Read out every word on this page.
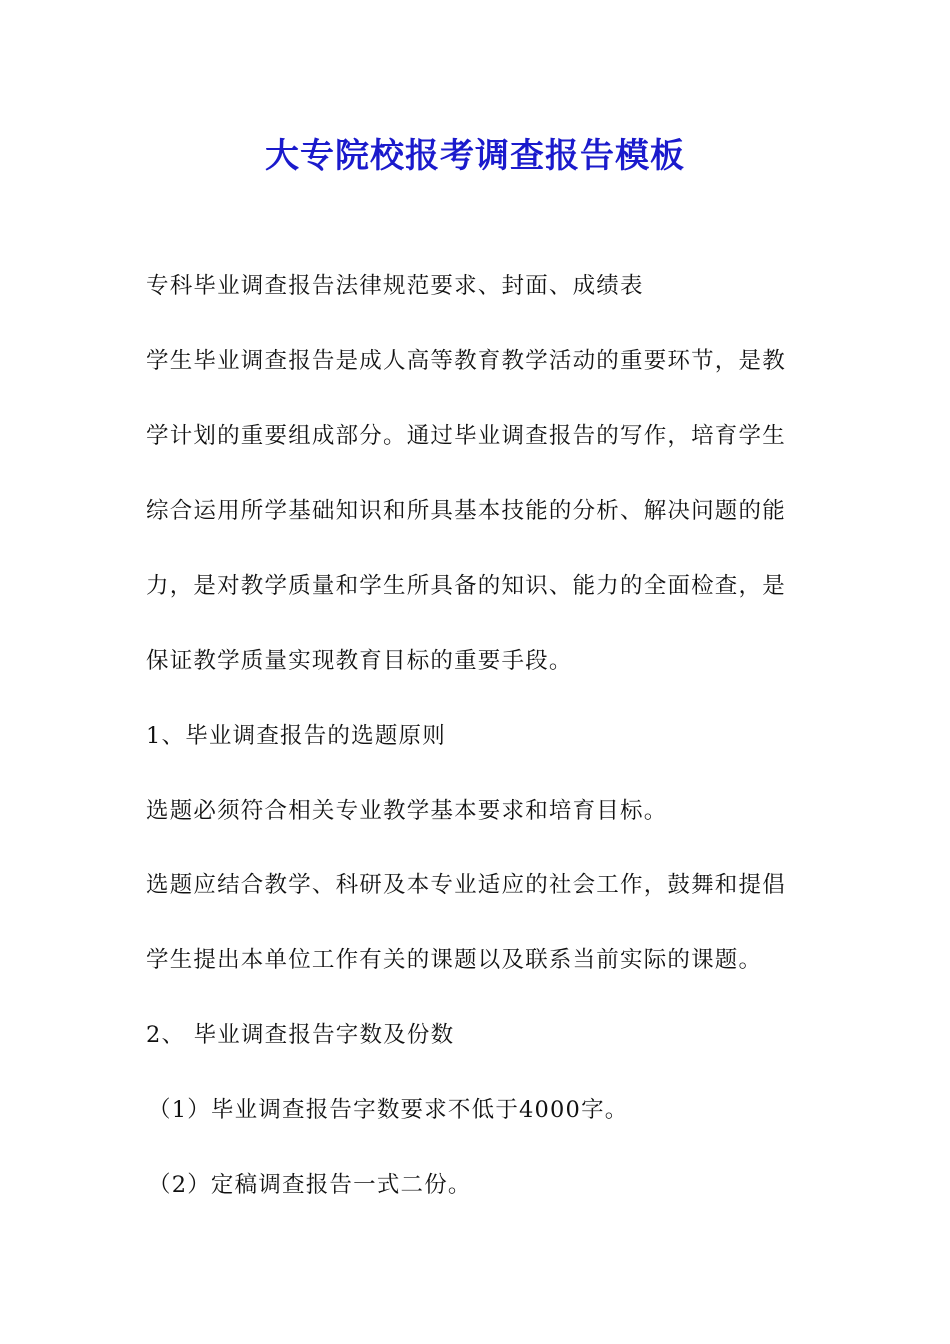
大专院校报考调查报告模板

专科毕业调查报告法律规范要求、封面、成绩表

学生毕业调查报告是成人高等教育教学活动的重要环节，是教

学计划的重要组成部分。通过毕业调查报告的写作，培育学生

综合运用所学基础知识和所具基本技能的分析、解决问题的能

力，是对教学质量和学生所具备的知识、能力的全面检查，是

保证教学质量实现教育目标的重要手段。

1、毕业调查报告的选题原则

选题必须符合相关专业教学基本要求和培育目标。

选题应结合教学、科研及本专业适应的社会工作，鼓舞和提倡

学生提出本单位工作有关的课题以及联系当前实际的课题。

2、 毕业调查报告字数及份数

（1）毕业调查报告字数要求不低于4000字。

（2）定稿调查报告一式二份。
